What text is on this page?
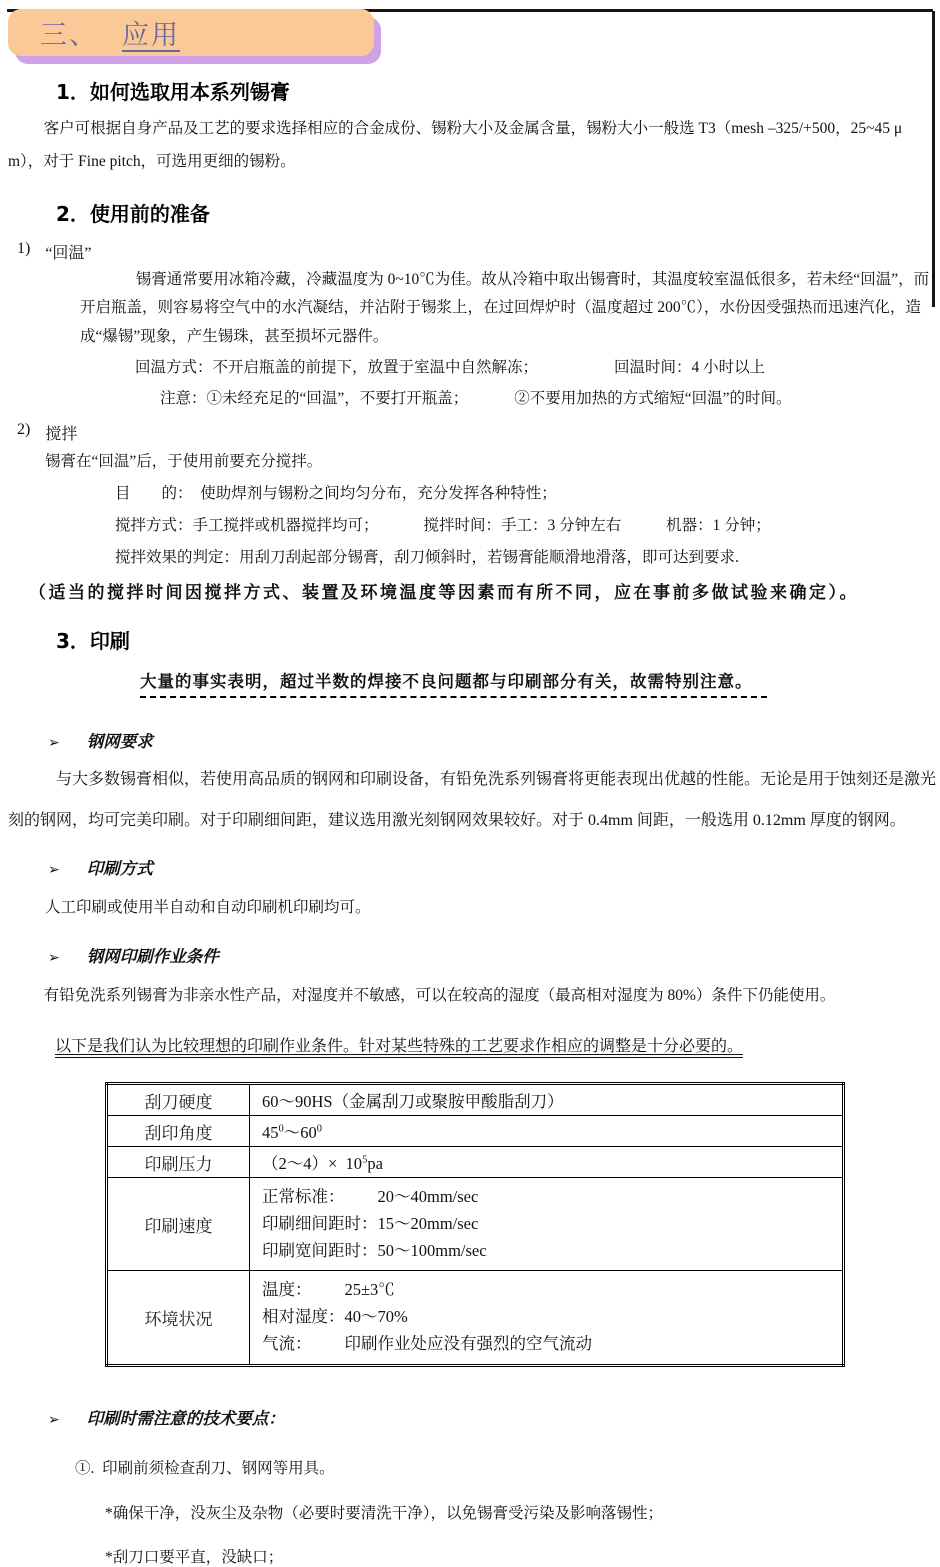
三、 应用
1．如何选取用本系列锡膏
客户可根据自身产品及工艺的要求选择相应的合金成份、锡粉大小及金属含量，锡粉大小一般选 T3（mesh –325/+500，25~45 μ m），对于 Fine pitch，可选用更细的锡粉。
2．使用前的准备
1) “回温”
锡膏通常要用冰箱冷藏，冷藏温度为 0~10℃为佳。故从冷箱中取出锡膏时，其温度较室温低很多，若未经“回温”，而开启瓶盖，则容易将空气中的水汽凝结，并沾附于锡浆上，在过回焊炉时（温度超过 200℃），水份因受强热而迅速汽化，造成“爆锡”现象，产生锡珠，甚至损坏元器件。
回温方式：不开启瓶盖的前提下，放置于室温中自然解冻；	回温时间：4 小时以上
注意：①未经充足的“回温”，不要打开瓶盖；	②不要用加热的方式缩短“回温”的时间。
2) 搅拌
锡膏在“回温”后，于使用前要充分搅拌。
目　　的：　使助焊剂与锡粉之间均匀分布，充分发挥各种特性；
搅拌方式：手工搅拌或机器搅拌均可；	搅拌时间：手工：3 分钟左右	机器：1 分钟；
搅拌效果的判定：用刮刀刮起部分锡膏，刮刀倾斜时，若锡膏能顺滑地滑落，即可达到要求.
（适当的搅拌时间因搅拌方式、装置及环境温度等因素而有所不同，应在事前多做试验来确定）。
3．印刷
大量的事实表明，超过半数的焊接不良问题都与印刷部分有关，故需特别注意。
➢ 钢网要求
与大多数锡膏相似，若使用高品质的钢网和印刷设备，有铅免洗系列锡膏将更能表现出优越的性能。无论是用于蚀刻还是激光刻的钢网，均可完美印刷。对于印刷细间距，建议选用激光刻钢网效果较好。对于 0.4mm 间距，一般选用 0.12mm 厚度的钢网。
➢ 印刷方式
人工印刷或使用半自动和自动印刷机印刷均可。
➢ 钢网印刷作业条件
有铅免洗系列锡膏为非亲水性产品，对湿度并不敏感，可以在较高的湿度（最高相对湿度为 80%）条件下仍能使用。
以下是我们认为比较理想的印刷作业条件。针对某些特殊的工艺要求作相应的调整是十分必要的。
刮刀硬度	60～90HS（金属刮刀或聚胺甲酸脂刮刀）
刮印角度	$45^0\sim 60^0$
印刷压力	（2～4）×  $10^5pa$
印刷速度	正常标准：        20～40mm/sec
印刷细间距时：15～20mm/sec
印刷宽间距时：50～100mm/sec

环境状况	温度：        25±3℃
相对湿度：40～70%
气流：        印刷作业处应没有强烈的空气流动
➢ 印刷时需注意的技术要点：
①.  印刷前须检查刮刀、钢网等用具。
*确保干净，没灰尘及杂物（必要时要清洗干净），以免锡膏受污染及影响落锡性；
*刮刀口要平直，没缺口；
